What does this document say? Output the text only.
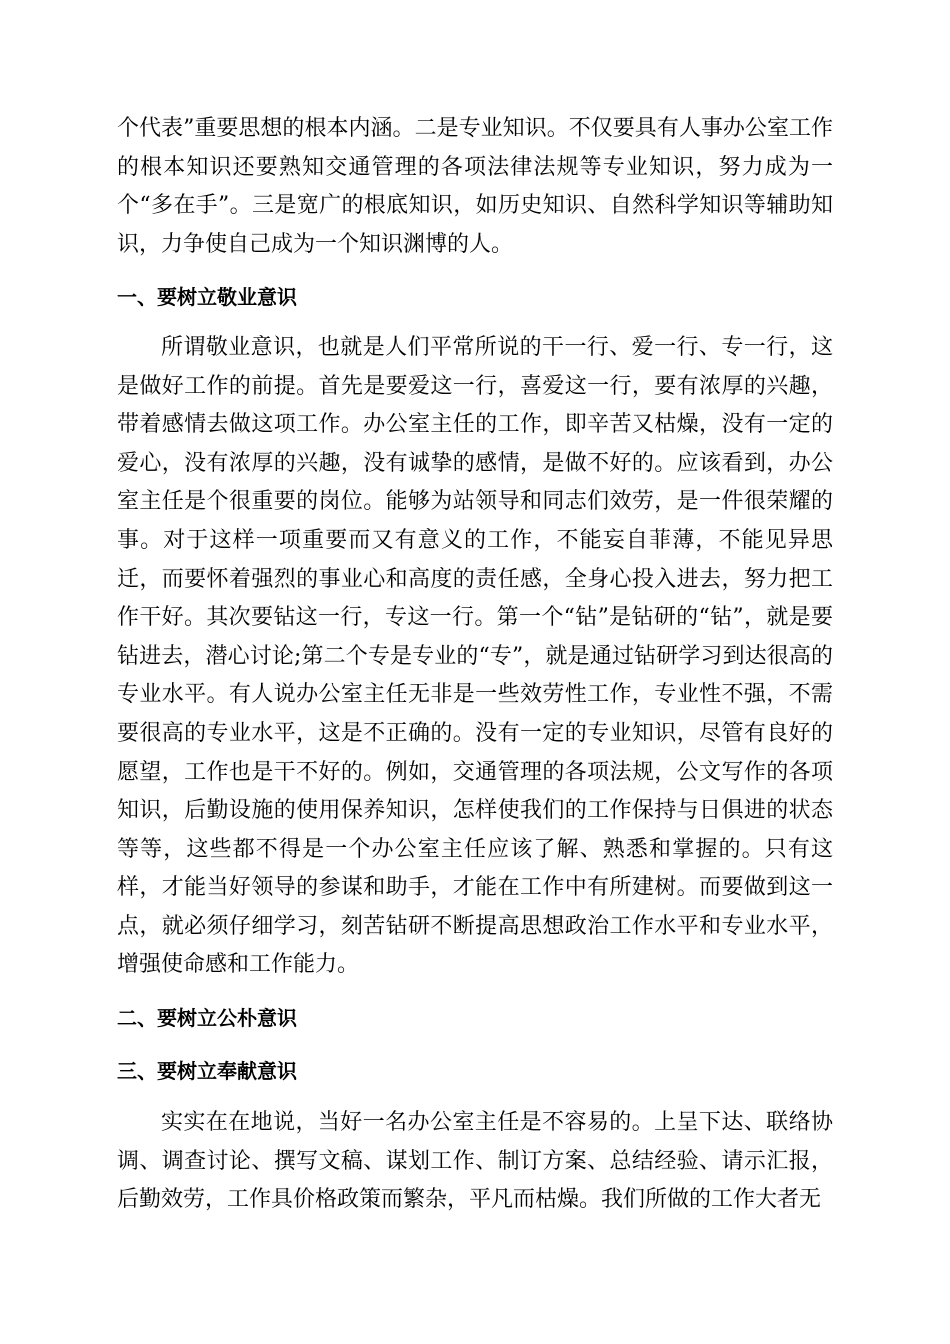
个代表”重要思想的根本内涵。二是专业知识。不仅要具有人事办公室工作的根本知识还要熟知交通管理的各项法律法规等专业知识，努力成为一个“多在手”。三是宽广的根底知识，如历史知识、自然科学知识等辅助知识，力争使自己成为一个知识渊博的人。

一、要树立敬业意识

所谓敬业意识，也就是人们平常所说的干一行、爱一行、专一行，这是做好工作的前提。首先是要爱这一行，喜爱这一行，要有浓厚的兴趣，带着感情去做这项工作。办公室主任的工作，即辛苦又枯燥，没有一定的爱心，没有浓厚的兴趣，没有诚挚的感情，是做不好的。应该看到，办公室主任是个很重要的岗位。能够为站领导和同志们效劳，是一件很荣耀的事。对于这样一项重要而又有意义的工作，不能妄自菲薄，不能见异思迁，而要怀着强烈的事业心和高度的责任感，全身心投入进去，努力把工作干好。其次要钻这一行，专这一行。第一个“钻”是钻研的“钻”，就是要钻进去，潜心讨论;第二个专是专业的“专”，就是通过钻研学习到达很高的专业水平。有人说办公室主任无非是一些效劳性工作，专业性不强，不需要很高的专业水平，这是不正确的。没有一定的专业知识，尽管有良好的愿望，工作也是干不好的。例如，交通管理的各项法规，公文写作的各项知识，后勤设施的使用保养知识，怎样使我们的工作保持与日俱进的状态等等，这些都不得是一个办公室主任应该了解、熟悉和掌握的。只有这样，才能当好领导的参谋和助手，才能在工作中有所建树。而要做到这一点，就必须仔细学习，刻苦钻研不断提高思想政治工作水平和专业水平，增强使命感和工作能力。

二、要树立公朴意识

三、要树立奉献意识

实实在在地说，当好一名办公室主任是不容易的。上呈下达、联络协调、调查讨论、撰写文稿、谋划工作、制订方案、总结经验、请示汇报，后勤效劳，工作具价格政策而繁杂，平凡而枯燥。我们所做的工作大者无
